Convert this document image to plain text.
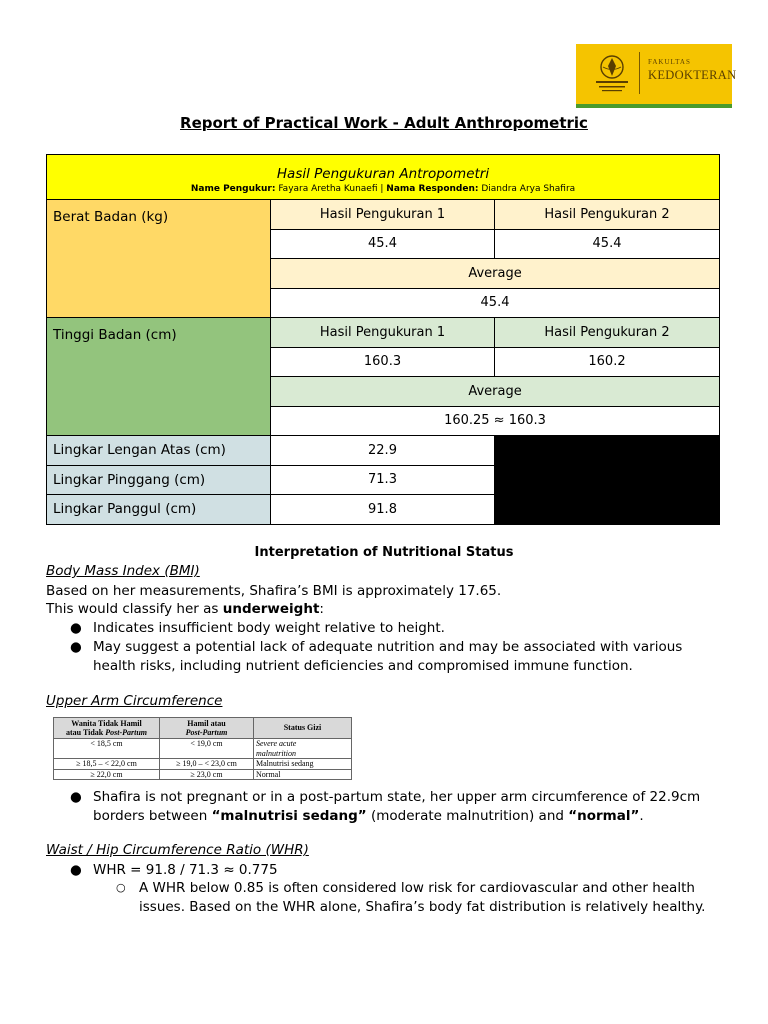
FAKULTAS
KEDOKTERAN
Report of Practical Work - Adult Anthropometric
Hasil Pengukuran Antropometri
Name Pengukur: Fayara Aretha Kunaefi | Nama Responden: Diandra Arya Shafira		

Berat Badan (kg)	Hasil Pengukuran 1	Hasil Pengukuran 2
	45.4	45.4
	Average	
	45.4	
Tinggi Badan (cm)	Hasil Pengukuran 1	Hasil Pengukuran 2
	160.3	160.2
	Average	
	160.25 ≈ 160.3	
Lingkar Lengan Atas (cm)	22.9	
Lingkar Pinggang (cm)	71.3	
Lingkar Panggul (cm)	91.8	
Interpretation of Nutritional Status
Body Mass Index (BMI)
Based on her measurements, Shafira’s BMI is approximately 17.65.
This would classify her as underweight:
● Indicates insufficient body weight relative to height.
● May suggest a potential lack of adequate nutrition and may be associated with various health risks, including nutrient deficiencies and compromised immune function.
Upper Arm Circumference
Wanita Tidak Hamil
atau Tidak Post-Partum	Hamil atau
Post-Partum	Status Gizi
< 18,5 cm	< 19,0 cm	Severe acute
malnutrition
≥ 18,5 – < 22,0 cm	≥ 19,0 – < 23,0 cm	Malnutrisi sedang
≥ 22,0 cm	≥ 23,0 cm	Normal
● Shafira is not pregnant or in a post-partum state, her upper arm circumference of 22.9cm borders between “malnutrisi sedang” (moderate malnutrition) and “normal”.
Waist / Hip Circumference Ratio (WHR)
● WHR = 91.8 / 71.3 ≈ 0.775
○ A WHR below 0.85 is often considered low risk for cardiovascular and other health issues. Based on the WHR alone, Shafira’s body fat distribution is relatively healthy.
